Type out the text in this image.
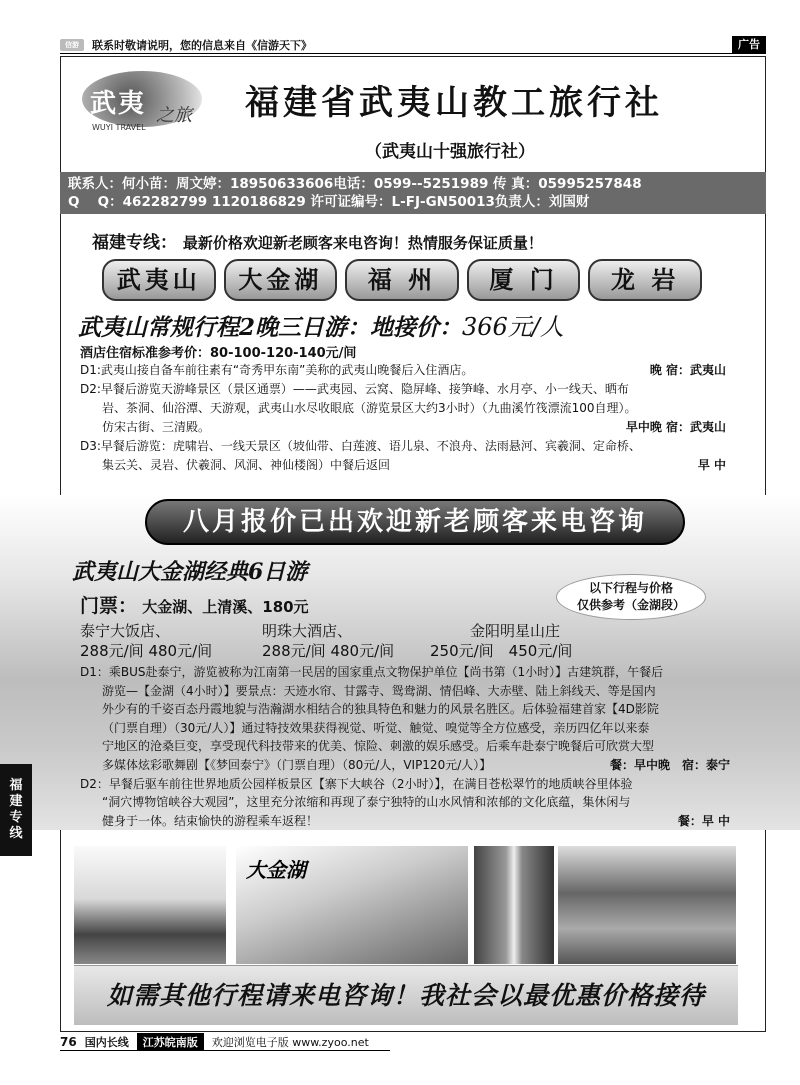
信游	联系时敬请说明，您的信息来自《信游天下》	广告
武夷 之旅
WUYI TRAVEL
福建省武夷山教工旅行社
（武夷山十强旅行社）
联系人：何小苗：周文婷：18950633606电话：0599--5251989 传 真：05995257848
Q　 Q：462282799 1120186829 许可证编号：L-FJ-GN50013负责人：刘国财
福建专线： 最新价格欢迎新老顾客来电咨询！热情服务保证质量！
武夷山	大金湖	福 州	厦 门	龙 岩
武夷山常规行程2晚三日游：地接价：366元/人
酒店住宿标准参考价：80-100-120-140元/间
D1:武夷山接自备车前往素有“奇秀甲东南”美称的武夷山晚餐后入住酒店。	晚 宿：武夷山
D2:早餐后游览天游峰景区（景区通票）——武夷园、云窝、隐屏峰、接笋峰、水月亭、小一线天、晒布
岩、茶洞、仙浴潭、天游观，武夷山水尽收眼底（游览景区大约3小时）（九曲溪竹筏漂流100自理）。
仿宋古街、三清殿。	早中晚 宿：武夷山
D3:早餐后游览：虎啸岩、一线天景区（坡仙带、白莲渡、语儿泉、不浪舟、法雨悬河、宾羲洞、定命桥、
集云关、灵岩、伏羲洞、风洞、神仙楼阁）中餐后返回	早 中
八月报价已出欢迎新老顾客来电咨询
武夷山大金湖经典6日游
门票： 大金湖、上清溪、180元
以下行程与价格
仅供参考（金湖段）
泰宁大饭店、	明珠大酒店、	金阳明星山庄
288元/间 480元/间	288元/间 480元/间	250元/间　450元/间
D1：乘BUS赴泰宁，游览被称为江南第一民居的国家重点文物保护单位【尚书第（1小时）】古建筑群，午餐后
游览—【金湖（4小时）】要景点：天迹水帘、甘露寺、鸳鸯湖、情侣峰、大赤壁、陆上斜线天、等是国内
外少有的千姿百态丹霞地貌与浩瀚湖水相结合的独具特色和魅力的风景名胜区。后体验福建首家【4D影院
（门票自理）（30元/人）】通过特技效果获得视觉、听觉、触觉、嗅觉等全方位感受，亲历四亿年以来泰
宁地区的沧桑巨变，享受现代科技带来的优美、惊险、刺激的娱乐感受。后乘车赴泰宁晚餐后可欣赏大型
多媒体炫彩歌舞剧【《梦回泰宁》（门票自理）（80元/人，VIP120元/人）】	餐：早中晚　宿：泰宁
D2：早餐后驱车前往世界地质公园样板景区【寨下大峡谷（2小时）】，在满目苍松翠竹的地质峡谷里体验
“洞穴博物馆峡谷大观园”，这里充分浓缩和再现了泰宁独特的山水风情和浓郁的文化底蕴，集休闲与
健身于一体。结束愉快的游程乘车返程！	餐：早 中
福
建
专
线
大金湖
如需其他行程请来电咨询！我社会以最优惠价格接待
76 国内长线	江苏皖南版	欢迎浏览电子版 www.zyoo.net
